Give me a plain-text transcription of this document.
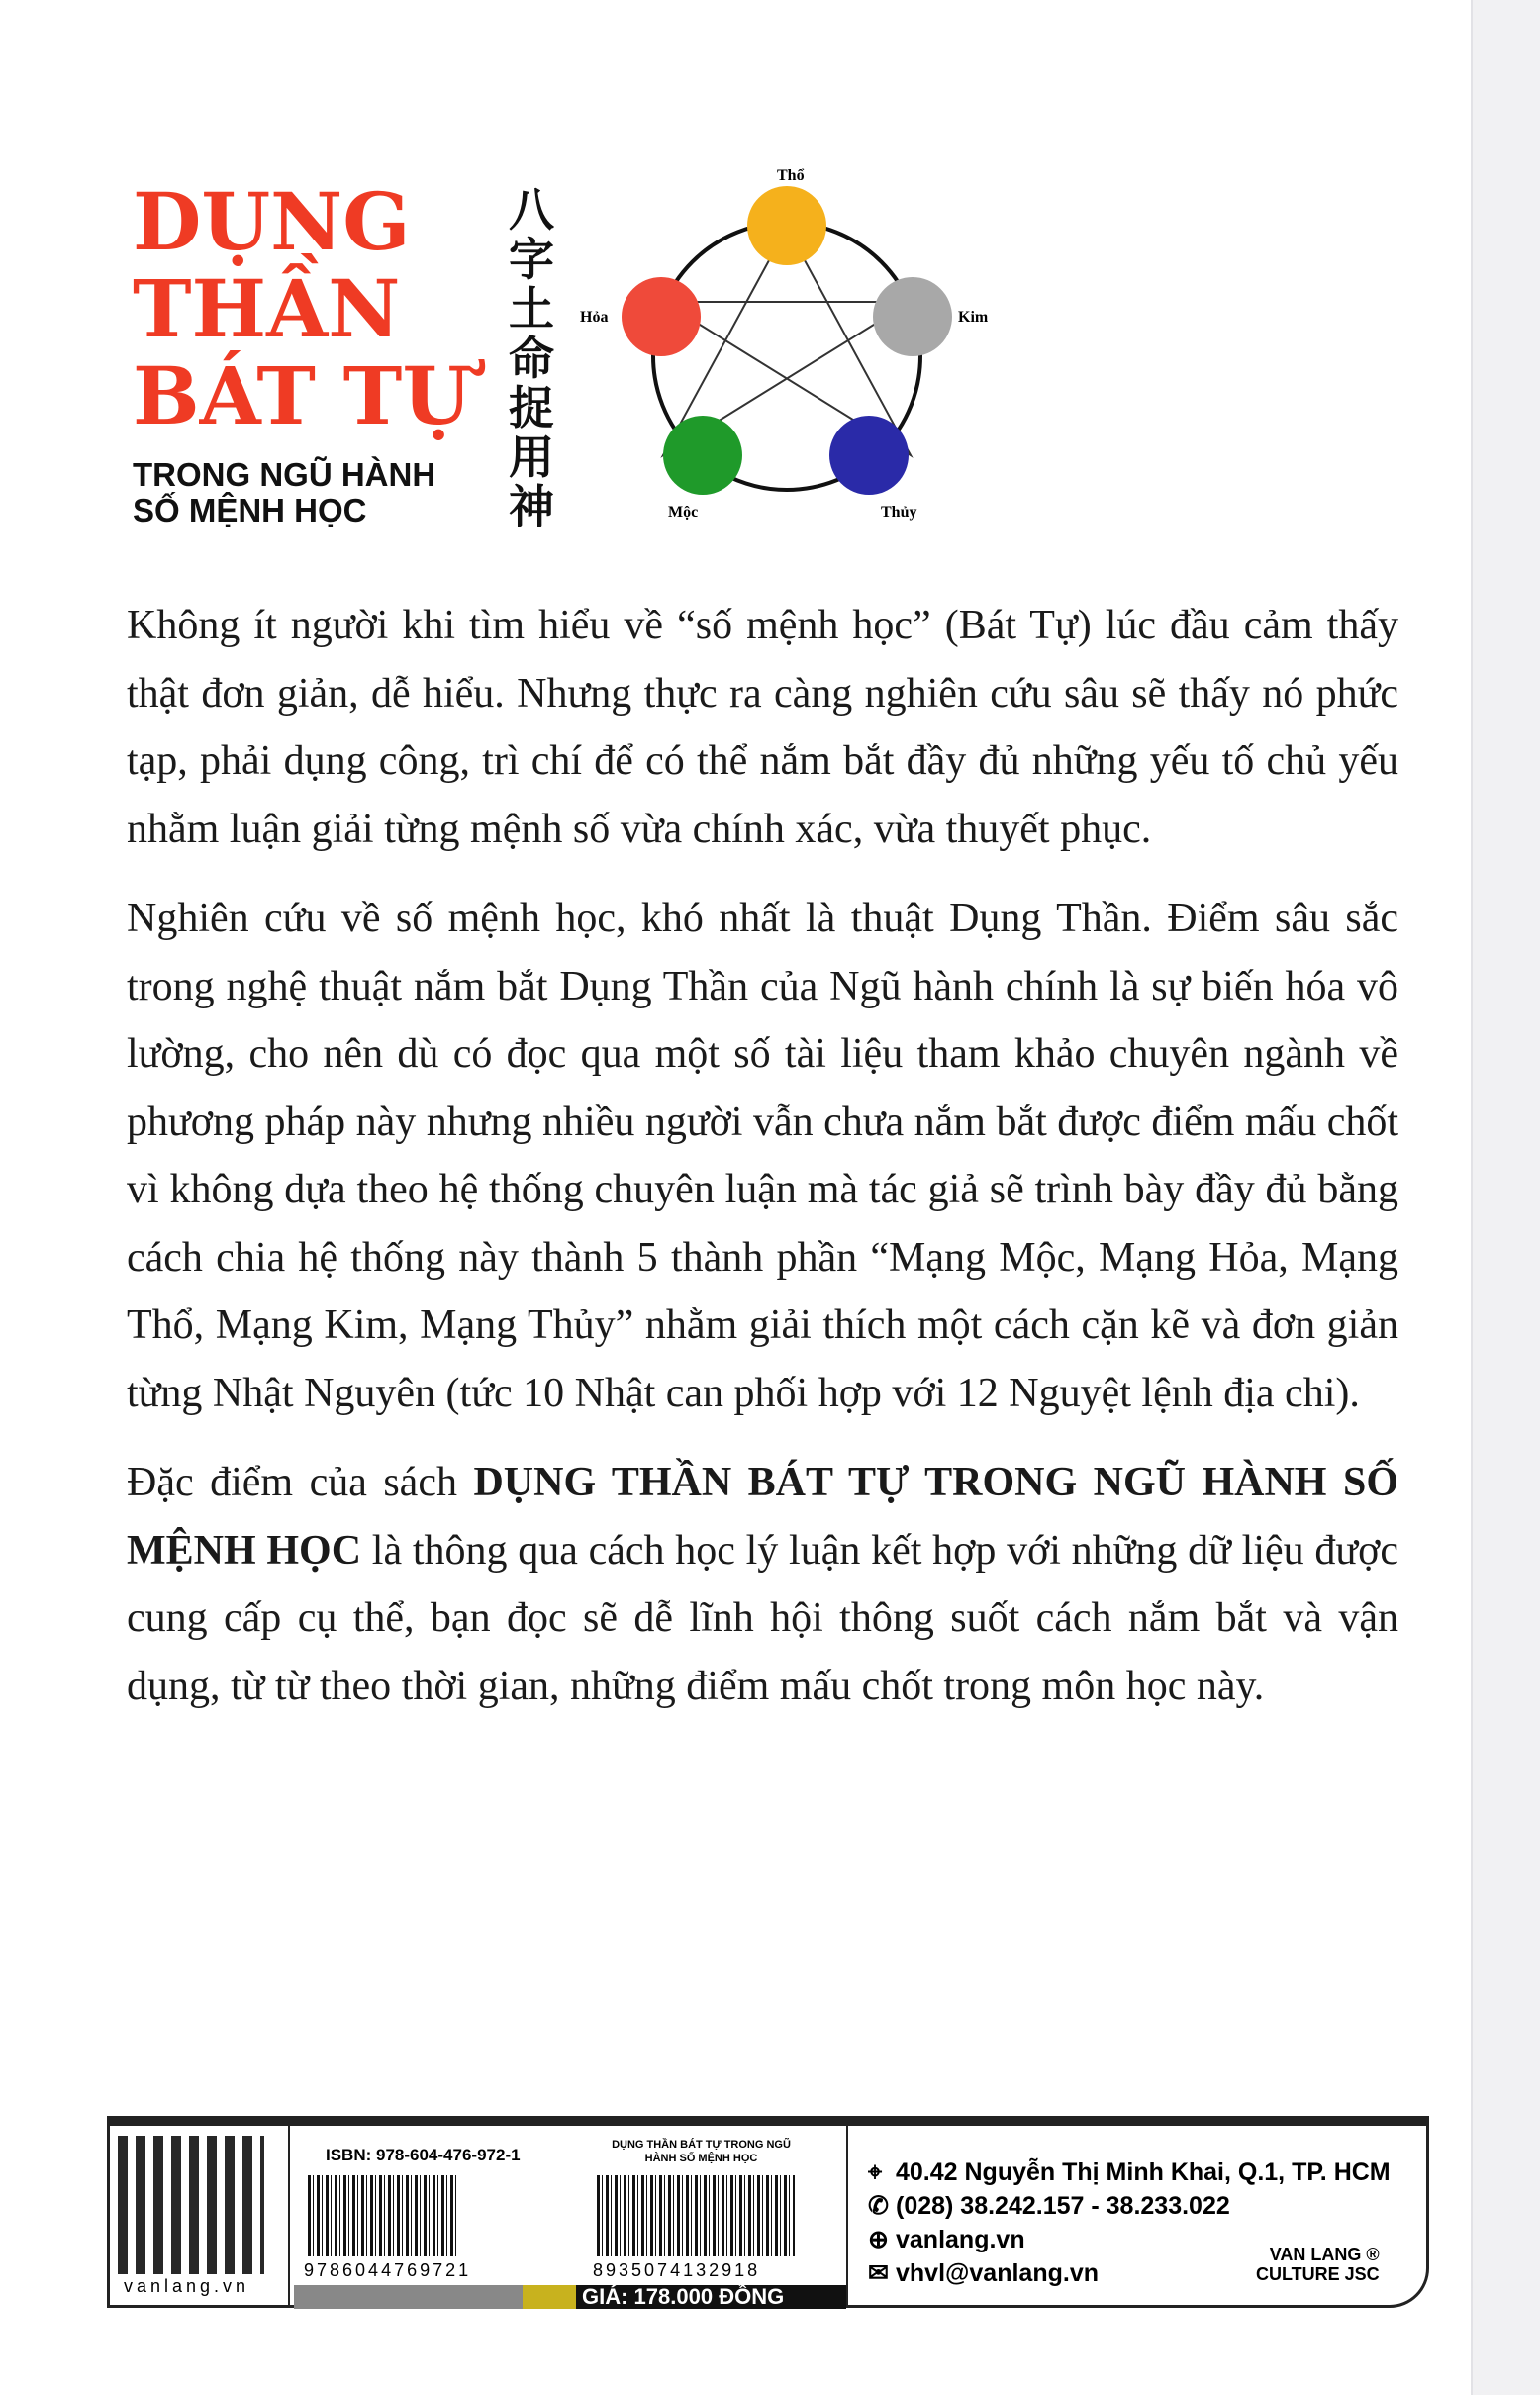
DỤNG
THẦN
BÁT TỰ
TRONG NGŨ HÀNH
SỐ MỆNH HỌC
八
字
土
命
捉
用
神
Thổ
Kim
Thủy
Mộc
Hỏa

Không ít người khi tìm hiểu về “số mệnh học” (Bát Tự) lúc đầu cảm thấy thật đơn giản, dễ hiểu. Nhưng thực ra càng nghiên cứu sâu sẽ thấy nó phức tạp, phải dụng công, trì chí để có thể nắm bắt đầy đủ những yếu tố chủ yếu nhằm luận giải từng mệnh số vừa chính xác, vừa thuyết phục.

Nghiên cứu về số mệnh học, khó nhất là thuật Dụng Thần. Điểm sâu sắc trong nghệ thuật nắm bắt Dụng Thần của Ngũ hành chính là sự biến hóa vô lường, cho nên dù có đọc qua một số tài liệu tham khảo chuyên ngành về phương pháp này nhưng nhiều người vẫn chưa nắm bắt được điểm mấu chốt vì không dựa theo hệ thống chuyên luận mà tác giả sẽ trình bày đầy đủ bằng cách chia hệ thống này thành 5 thành phần “Mạng Mộc, Mạng Hỏa, Mạng Thổ, Mạng Kim, Mạng Thủy” nhằm giải thích một cách cặn kẽ và đơn giản từng Nhật Nguyên (tức 10 Nhật can phối hợp với 12 Nguyệt lệnh địa chi).

Đặc điểm của sách DỤNG THẦN BÁT TỰ TRONG NGŨ HÀNH SỐ MỆNH HỌC là thông qua cách học lý luận kết hợp với những dữ liệu được cung cấp cụ thể, bạn đọc sẽ dễ lĩnh hội thông suốt cách nắm bắt và vận dụng, từ từ theo thời gian, những điểm mấu chốt trong môn học này.

vanlang.vn
ISBN: 978-604-476-972-1
9786044769721
DỤNG THẦN BÁT TỰ TRONG NGŨ HÀNH SỐ MỆNH HỌC
8935074132918
GIÁ: 178.000 ĐỒNG
⌖ 40.42 Nguyễn Thị Minh Khai, Q.1, TP. HCM
✆ (028) 38.242.157 - 38.233.022
⊕ vanlang.vn
✉ vhvl@vanlang.vn
VAN LANG ®
CULTURE JSC
